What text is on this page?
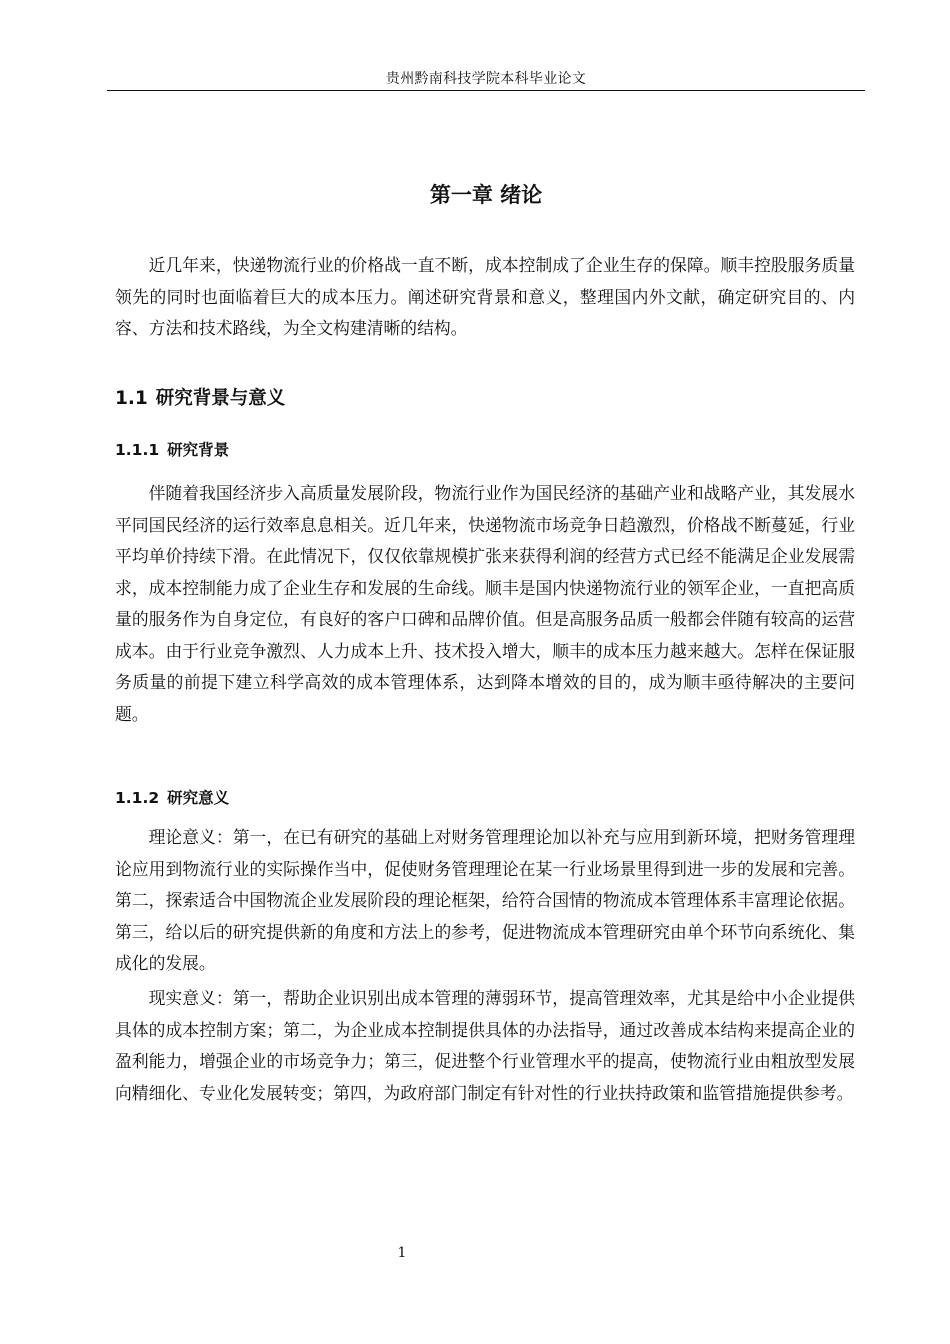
贵州黔南科技学院本科毕业论文
第一章 绪论

近几年来，快递物流行业的价格战一直不断，成本控制成了企业生存的保障。顺丰控股服务质量领先的同时也面临着巨大的成本压力。阐述研究背景和意义，整理国内外文献，确定研究目的、内容、方法和技术路线，为全文构建清晰的结构。

1.1 研究背景与意义
1.1.1 研究背景

伴随着我国经济步入高质量发展阶段，物流行业作为国民经济的基础产业和战略产业，其发展水平同国民经济的运行效率息息相关。近几年来，快递物流市场竞争日趋激烈，价格战不断蔓延，行业平均单价持续下滑。在此情况下，仅仅依靠规模扩张来获得利润的经营方式已经不能满足企业发展需求，成本控制能力成了企业生存和发展的生命线。顺丰是国内快递物流行业的领军企业，一直把高质量的服务作为自身定位，有良好的客户口碑和品牌价值。但是高服务品质一般都会伴随有较高的运营成本。由于行业竞争激烈、人力成本上升、技术投入增大，顺丰的成本压力越来越大。怎样在保证服务质量的前提下建立科学高效的成本管理体系，达到降本增效的目的，成为顺丰亟待解决的主要问题。

1.1.2 研究意义

理论意义：第一，在已有研究的基础上对财务管理理论加以补充与应用到新环境，把财务管理理论应用到物流行业的实际操作当中，促使财务管理理论在某一行业场景里得到进一步的发展和完善。第二，探索适合中国物流企业发展阶段的理论框架，给符合国情的物流成本管理体系丰富理论依据。第三，给以后的研究提供新的角度和方法上的参考，促进物流成本管理研究由单个环节向系统化、集成化的发展。

现实意义：第一，帮助企业识别出成本管理的薄弱环节，提高管理效率，尤其是给中小企业提供具体的成本控制方案；第二，为企业成本控制提供具体的办法指导，通过改善成本结构来提高企业的盈利能力，增强企业的市场竞争力；第三，促进整个行业管理水平的提高，使物流行业由粗放型发展向精细化、专业化发展转变；第四，为政府部门制定有针对性的行业扶持政策和监管措施提供参考。

1
